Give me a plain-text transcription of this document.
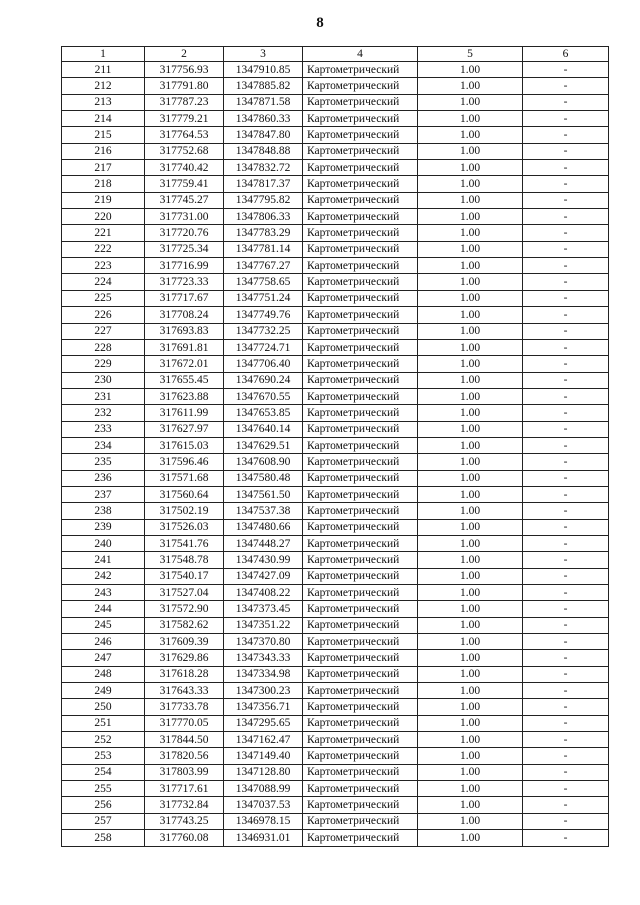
8
1	2	3	4	5	6
211	317756.93	1347910.85	Картометрический	1.00	-
212	317791.80	1347885.82	Картометрический	1.00	-
213	317787.23	1347871.58	Картометрический	1.00	-
214	317779.21	1347860.33	Картометрический	1.00	-
215	317764.53	1347847.80	Картометрический	1.00	-
216	317752.68	1347848.88	Картометрический	1.00	-
217	317740.42	1347832.72	Картометрический	1.00	-
218	317759.41	1347817.37	Картометрический	1.00	-
219	317745.27	1347795.82	Картометрический	1.00	-
220	317731.00	1347806.33	Картометрический	1.00	-
221	317720.76	1347783.29	Картометрический	1.00	-
222	317725.34	1347781.14	Картометрический	1.00	-
223	317716.99	1347767.27	Картометрический	1.00	-
224	317723.33	1347758.65	Картометрический	1.00	-
225	317717.67	1347751.24	Картометрический	1.00	-
226	317708.24	1347749.76	Картометрический	1.00	-
227	317693.83	1347732.25	Картометрический	1.00	-
228	317691.81	1347724.71	Картометрический	1.00	-
229	317672.01	1347706.40	Картометрический	1.00	-
230	317655.45	1347690.24	Картометрический	1.00	-
231	317623.88	1347670.55	Картометрический	1.00	-
232	317611.99	1347653.85	Картометрический	1.00	-
233	317627.97	1347640.14	Картометрический	1.00	-
234	317615.03	1347629.51	Картометрический	1.00	-
235	317596.46	1347608.90	Картометрический	1.00	-
236	317571.68	1347580.48	Картометрический	1.00	-
237	317560.64	1347561.50	Картометрический	1.00	-
238	317502.19	1347537.38	Картометрический	1.00	-
239	317526.03	1347480.66	Картометрический	1.00	-
240	317541.76	1347448.27	Картометрический	1.00	-
241	317548.78	1347430.99	Картометрический	1.00	-
242	317540.17	1347427.09	Картометрический	1.00	-
243	317527.04	1347408.22	Картометрический	1.00	-
244	317572.90	1347373.45	Картометрический	1.00	-
245	317582.62	1347351.22	Картометрический	1.00	-
246	317609.39	1347370.80	Картометрический	1.00	-
247	317629.86	1347343.33	Картометрический	1.00	-
248	317618.28	1347334.98	Картометрический	1.00	-
249	317643.33	1347300.23	Картометрический	1.00	-
250	317733.78	1347356.71	Картометрический	1.00	-
251	317770.05	1347295.65	Картометрический	1.00	-
252	317844.50	1347162.47	Картометрический	1.00	-
253	317820.56	1347149.40	Картометрический	1.00	-
254	317803.99	1347128.80	Картометрический	1.00	-
255	317717.61	1347088.99	Картометрический	1.00	-
256	317732.84	1347037.53	Картометрический	1.00	-
257	317743.25	1346978.15	Картометрический	1.00	-
258	317760.08	1346931.01	Картометрический	1.00	-
